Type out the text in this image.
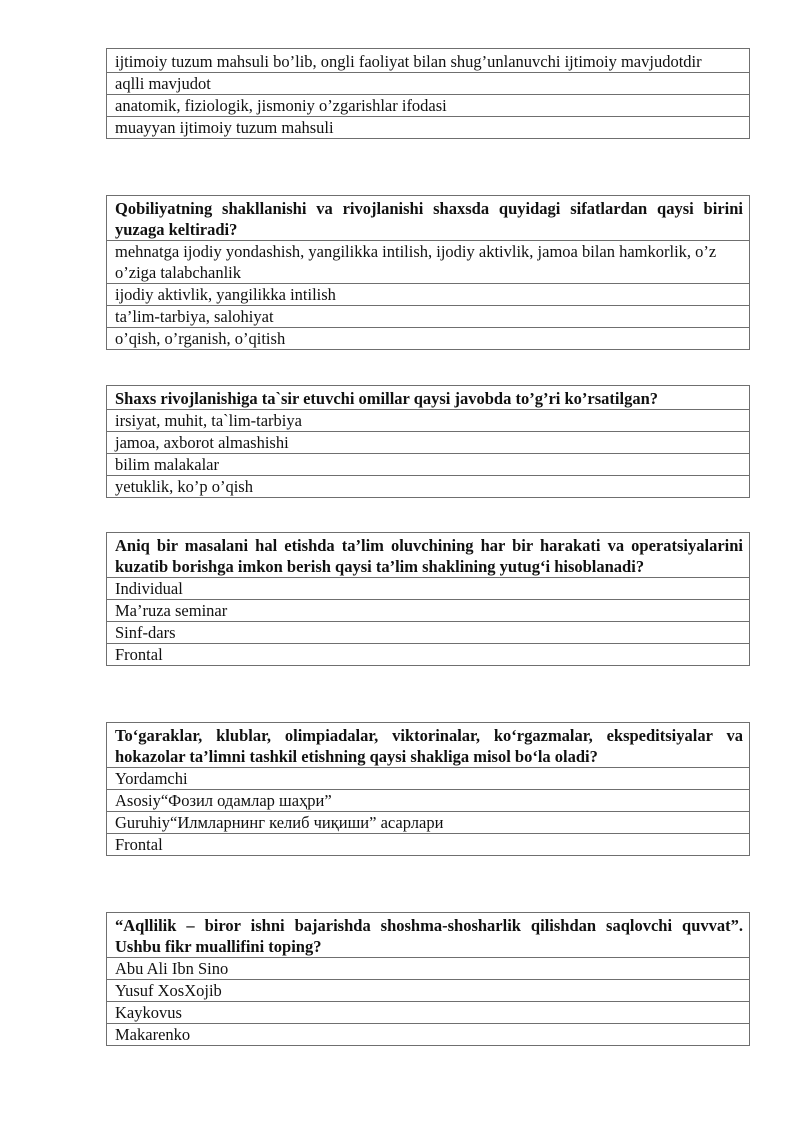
ijtimoiy tuzum mahsuli bo’lib, ongli faoliyat bilan shug’unlanuvchi ijtimoiy mavjudotdir
aqlli mavjudot
anatomik, fiziologik, jismoniy o’zgarishlar ifodasi
muayyan ijtimoiy tuzum mahsuli
Qobiliyatning shakllanishi va rivojlanishi shaxsda quyidagi sifatlardan qaysi birini yuzaga keltiradi?
mehnatga ijodiy yondashish, yangilikka intilish, ijodiy aktivlik, jamoa bilan hamkorlik, o’z o’ziga talabchanlik
ijodiy aktivlik, yangilikka intilish
ta’lim-tarbiya, salohiyat
o’qish, o’rganish, o’qitish
Shaxs rivojlanishiga ta`sir etuvchi omillar qaysi javobda to’g’ri ko’rsatilgan?
irsiyat, muhit, ta`lim-tarbiya
jamoa, axborot almashishi
bilim malakalar
yetuklik, ko’p o’qish
Aniq bir masalani hal etishda ta’lim oluvchining har bir harakati va operatsiyalarini kuzatib borishga imkon berish qaysi ta’lim shaklining yutug‘i hisoblanadi?
Individual
Ma’ruza seminar
Sinf-dars
Frontal
To‘garaklar, klublar, olimpiadalar, viktorinalar, ko‘rgazmalar, ekspeditsiyalar va hokazolar ta’limni tashkil etishning qaysi shakliga misol bo‘la oladi?
Yordamchi
Asosiy“Фозил одамлар шаҳри”
Guruhiy“Илмларнинг келиб чиқиши” асарлари
Frontal
“Aqllilik – biror ishni bajarishda shoshma-shosharlik qilishdan saqlovchi quvvat”. Ushbu fikr muallifini toping?
Abu Ali Ibn Sino
Yusuf XosXojib
Kaykovus
Makarenko
